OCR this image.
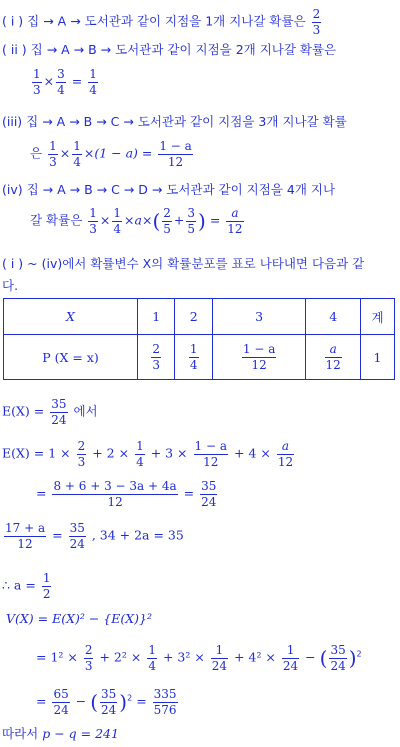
( i ) 집 → A → 도서관과 같이 지점을 1개 지나갈 확률은 $\frac{2}{3}$
( ii ) 집 → A → B → 도서관과 같이 지점을 2개 지나갈 확률은
$\frac{1}{3} \times \frac{3}{4} = \frac{1}{4}$
(iii) 집 → A → B → C → 도서관과 같이 지점을 3개 지나갈 확률
은 $\frac{1}{3} \times \frac{1}{4} \times(1 - a) = \frac{1 - a}{12}$
(iv) 집 → A → B → C → D → 도서관과 같이 지점을 4개 지나
갈 확률은 $\frac{1}{3} \times \frac{1}{4} \times a\times( \frac{2}{5} + \frac{3}{5}$ ) = $\frac{a}{12}$
( i ) ~ (iv)에서 확률변수 X의 확률분포를 표로 나타내면 다음과 같
다.
X	1	2	3	4	계
P (X = x)	$\frac{2}{3}$	$\frac{1}{4}$	$\frac{1 - a}{12}$	$\frac{a}{12}$	1
$E(X) = \frac{35}{24}$ 에서
$E(X) = 1 \times \frac{2}{3} + 2 \times \frac{1}{4} + 3 \times \frac{1 - a}{12} + 4 \times \frac{a}{12}$
= $\frac{8 + 6 + 3 - 3a + 4a}{12} = \frac{35}{24}$
$\frac{17 + a}{12} = \frac{35}{24}$ , 34 + 2a = 35
∴ $a = \frac{1}{2}$
V(X) = E(X)² − {E(X)}²
= $1^2 \times \frac{2}{3} + 2^2 \times \frac{1}{4} + 3^2 \times \frac{1}{24} + 4^2 \times \frac{1}{24}$ − ( $\frac{35}{24} )^2$
= $\frac{65}{24}$ − ( $\frac{35}{24} )^2 = \frac{335}{576}$
따라서 p − q = 241
